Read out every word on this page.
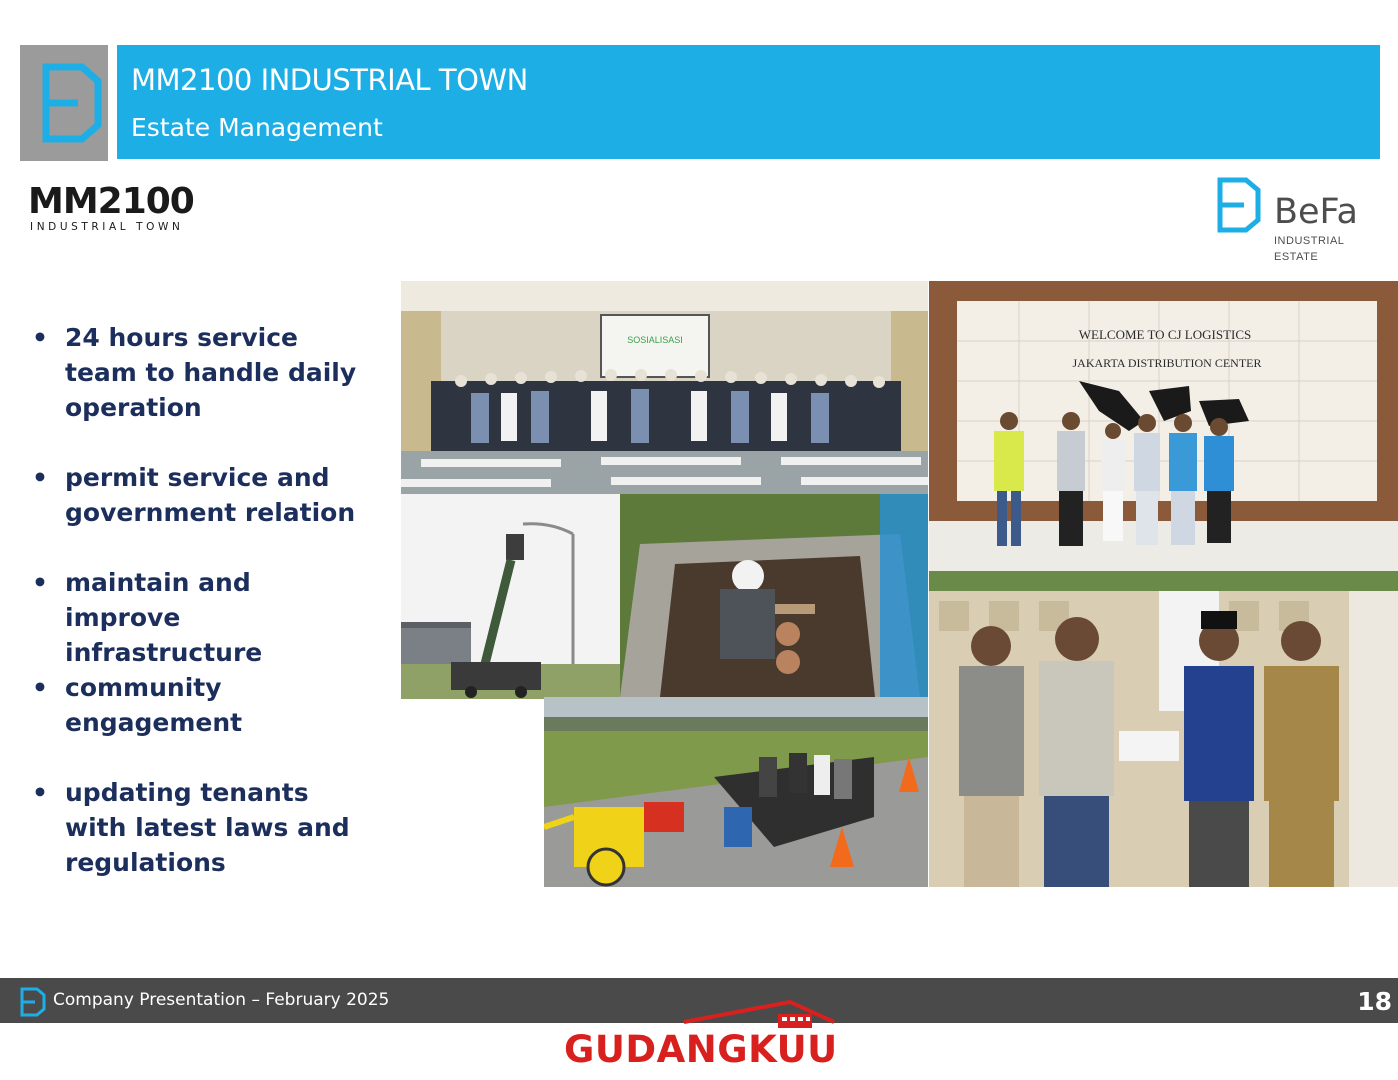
MM2100 INDUSTRIAL TOWN
Estate Management
MM2100
INDUSTRIAL TOWN	BeFa
INDUSTRIAL
ESTATE
• 24 hours service team to handle daily operation
• permit service and government relation
• maintain and improve infrastructure
• community engagement
• updating tenants with latest laws and regulations
SOSIALISASI	WELCOME TO CJ LOGISTICS
JAKARTA DISTRIBUTION CENTER
Company Presentation – February 2025	18
GUDANGKUU
